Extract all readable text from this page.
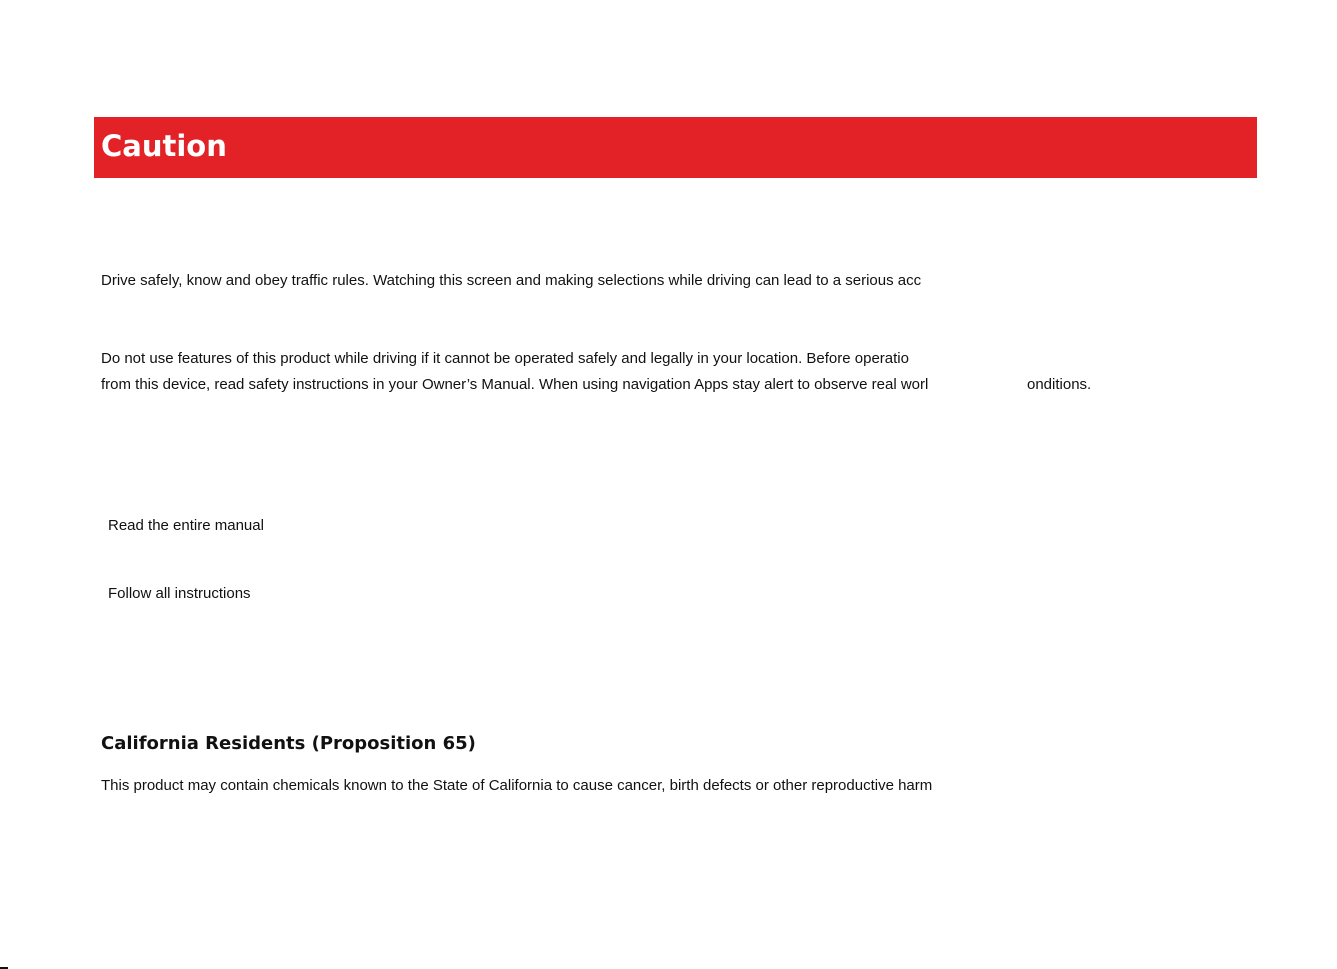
Caution
Drive safely, know and obey traffic rules. Watching this screen and making selections while driving can lead to a serious acc
Do not use features of this product while driving if it cannot be operated safely and legally in your location. Before operatio
from this device, read safety instructions in your Owner’s Manual. When using navigation Apps stay alert to observe real worl	onditions.
Read the entire manual
Follow all instructions
California Residents (Proposition 65)
This product may contain chemicals known to the State of California to cause cancer, birth defects or other reproductive harm
